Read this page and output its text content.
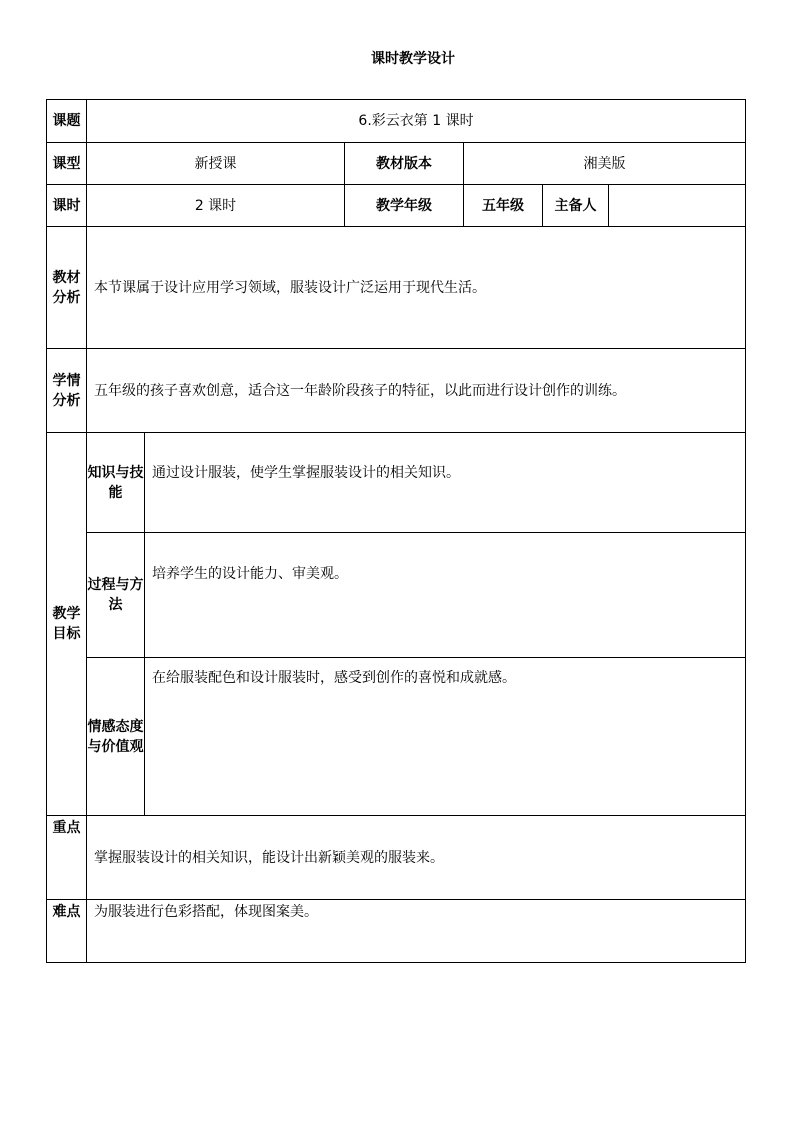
课时教学设计
课题	6.彩云衣第 1 课时					
课型	新授课		教材版本	湘美版		
课时	2 课时		教学年级	五年级	主备人	
教材分析	本节课属于设计应用学习领域，服装设计广泛运用于现代生活。					
学情分析	五年级的孩子喜欢创意，适合这一年龄阶段孩子的特征，以此而进行设计创作的训练。					
教学目标	知识与技能	通过设计服装，使学生掌握服装设计的相关知识。				
	过程与方法	培养学生的设计能力、审美观。				
	情感态度与价值观	在给服装配色和设计服装时，感受到创作的喜悦和成就感。				
重点	掌握服装设计的相关知识，能设计出新颖美观的服装来。					
难点	为服装进行色彩搭配，体现图案美。					
